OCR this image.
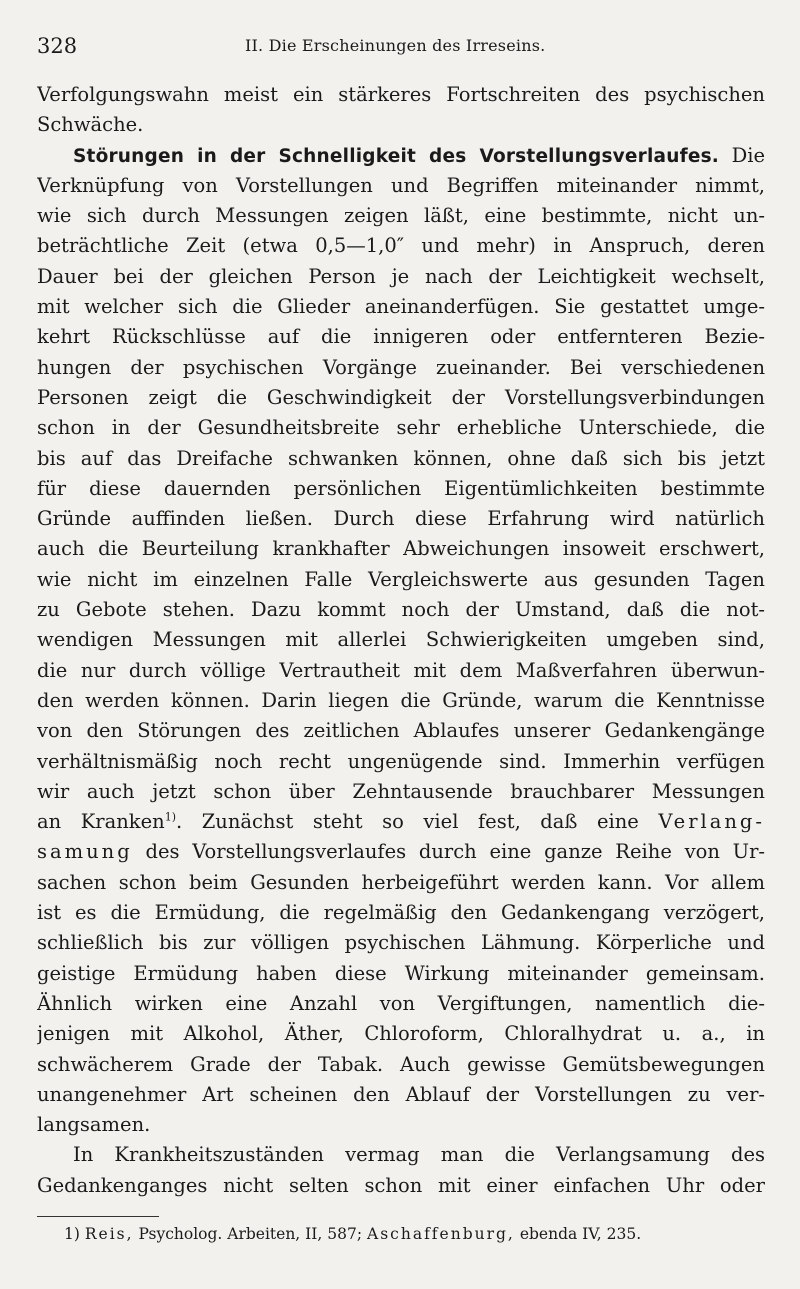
328	II. Die Erscheinungen des Irreseins.
Verfolgungswahn meist ein stärkeres Fortschreiten des psychischen
Schwäche.
Störungen in der Schnelligkeit des Vorstellungsverlaufes. Die
Verknüpfung von Vorstellungen und Begriffen miteinander nimmt,
wie sich durch Messungen zeigen läßt, eine bestimmte, nicht un-
beträchtliche Zeit (etwa 0,5—1,0″ und mehr) in Anspruch, deren
Dauer bei der gleichen Person je nach der Leichtigkeit wechselt,
mit welcher sich die Glieder aneinanderfügen. Sie gestattet umge-
kehrt Rückschlüsse auf die innigeren oder entfernteren Bezie-
hungen der psychischen Vorgänge zueinander. Bei verschiedenen
Personen zeigt die Geschwindigkeit der Vorstellungsverbindungen
schon in der Gesundheitsbreite sehr erhebliche Unterschiede, die
bis auf das Dreifache schwanken können, ohne daß sich bis jetzt
für diese dauernden persönlichen Eigentümlichkeiten bestimmte
Gründe auffinden ließen. Durch diese Erfahrung wird natürlich
auch die Beurteilung krankhafter Abweichungen insoweit erschwert,
wie nicht im einzelnen Falle Vergleichswerte aus gesunden Tagen
zu Gebote stehen. Dazu kommt noch der Umstand, daß die not-
wendigen Messungen mit allerlei Schwierigkeiten umgeben sind,
die nur durch völlige Vertrautheit mit dem Maßverfahren überwun-
den werden können. Darin liegen die Gründe, warum die Kenntnisse
von den Störungen des zeitlichen Ablaufes unserer Gedankengänge
verhältnismäßig noch recht ungenügende sind. Immerhin verfügen
wir auch jetzt schon über Zehntausende brauchbarer Messungen
an Kranken$^{1)}$. Zunächst steht so viel fest, daß eine Verlang-
samung des Vorstellungsverlaufes durch eine ganze Reihe von Ur-
sachen schon beim Gesunden herbeigeführt werden kann. Vor allem
ist es die Ermüdung, die regelmäßig den Gedankengang verzögert,
schließlich bis zur völligen psychischen Lähmung. Körperliche und
geistige Ermüdung haben diese Wirkung miteinander gemeinsam.
Ähnlich wirken eine Anzahl von Vergiftungen, namentlich die-
jenigen mit Alkohol, Äther, Chloroform, Chloralhydrat u. a., in
schwächerem Grade der Tabak. Auch gewisse Gemütsbewegungen
unangenehmer Art scheinen den Ablauf der Vorstellungen zu ver-
langsamen.
In Krankheitszuständen vermag man die Verlangsamung des
Gedankenganges nicht selten schon mit einer einfachen Uhr oder
1) Reis, Psycholog. Arbeiten, II, 587; Aschaffenburg, ebenda IV, 235.
